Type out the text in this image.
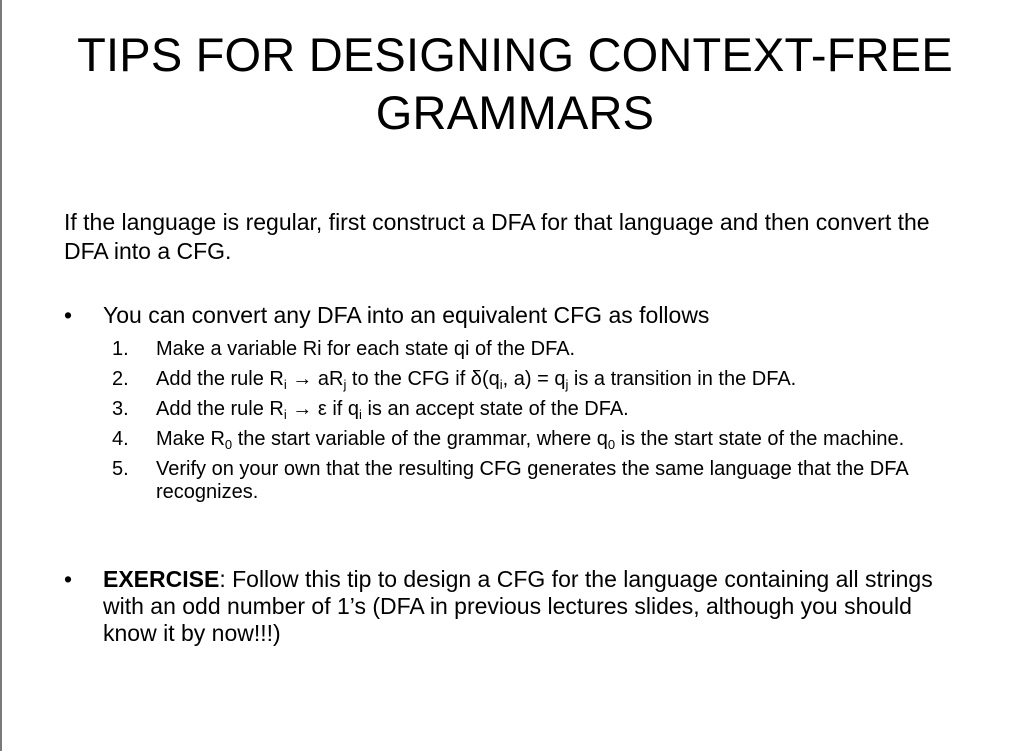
TIPS FOR DESIGNING CONTEXT-FREE
GRAMMARS
If the language is regular, first construct a DFA for that language and then convert the DFA into a CFG.
•	You can convert any DFA into an equivalent CFG as follows
1.	Make a variable Ri for each state qi of the DFA.
2.	Add the rule $R_i \to aR_j$ to the CFG if $\delta(q_i$, $a) = q_j$ is a transition in the DFA.
3.	Add the rule $R_i \to \varepsilon$ if $q_i$ is an accept state of the DFA.
4.	Make $R_0$ the start variable of the grammar, where $q_0$ is the start state of the machine.
5.	Verify on your own that the resulting CFG generates the same language that the DFA recognizes.
•	EXERCISE: Follow this tip to design a CFG for the language containing all strings with an odd number of 1’s (DFA in previous lectures slides, although you should know it by now!!!)
